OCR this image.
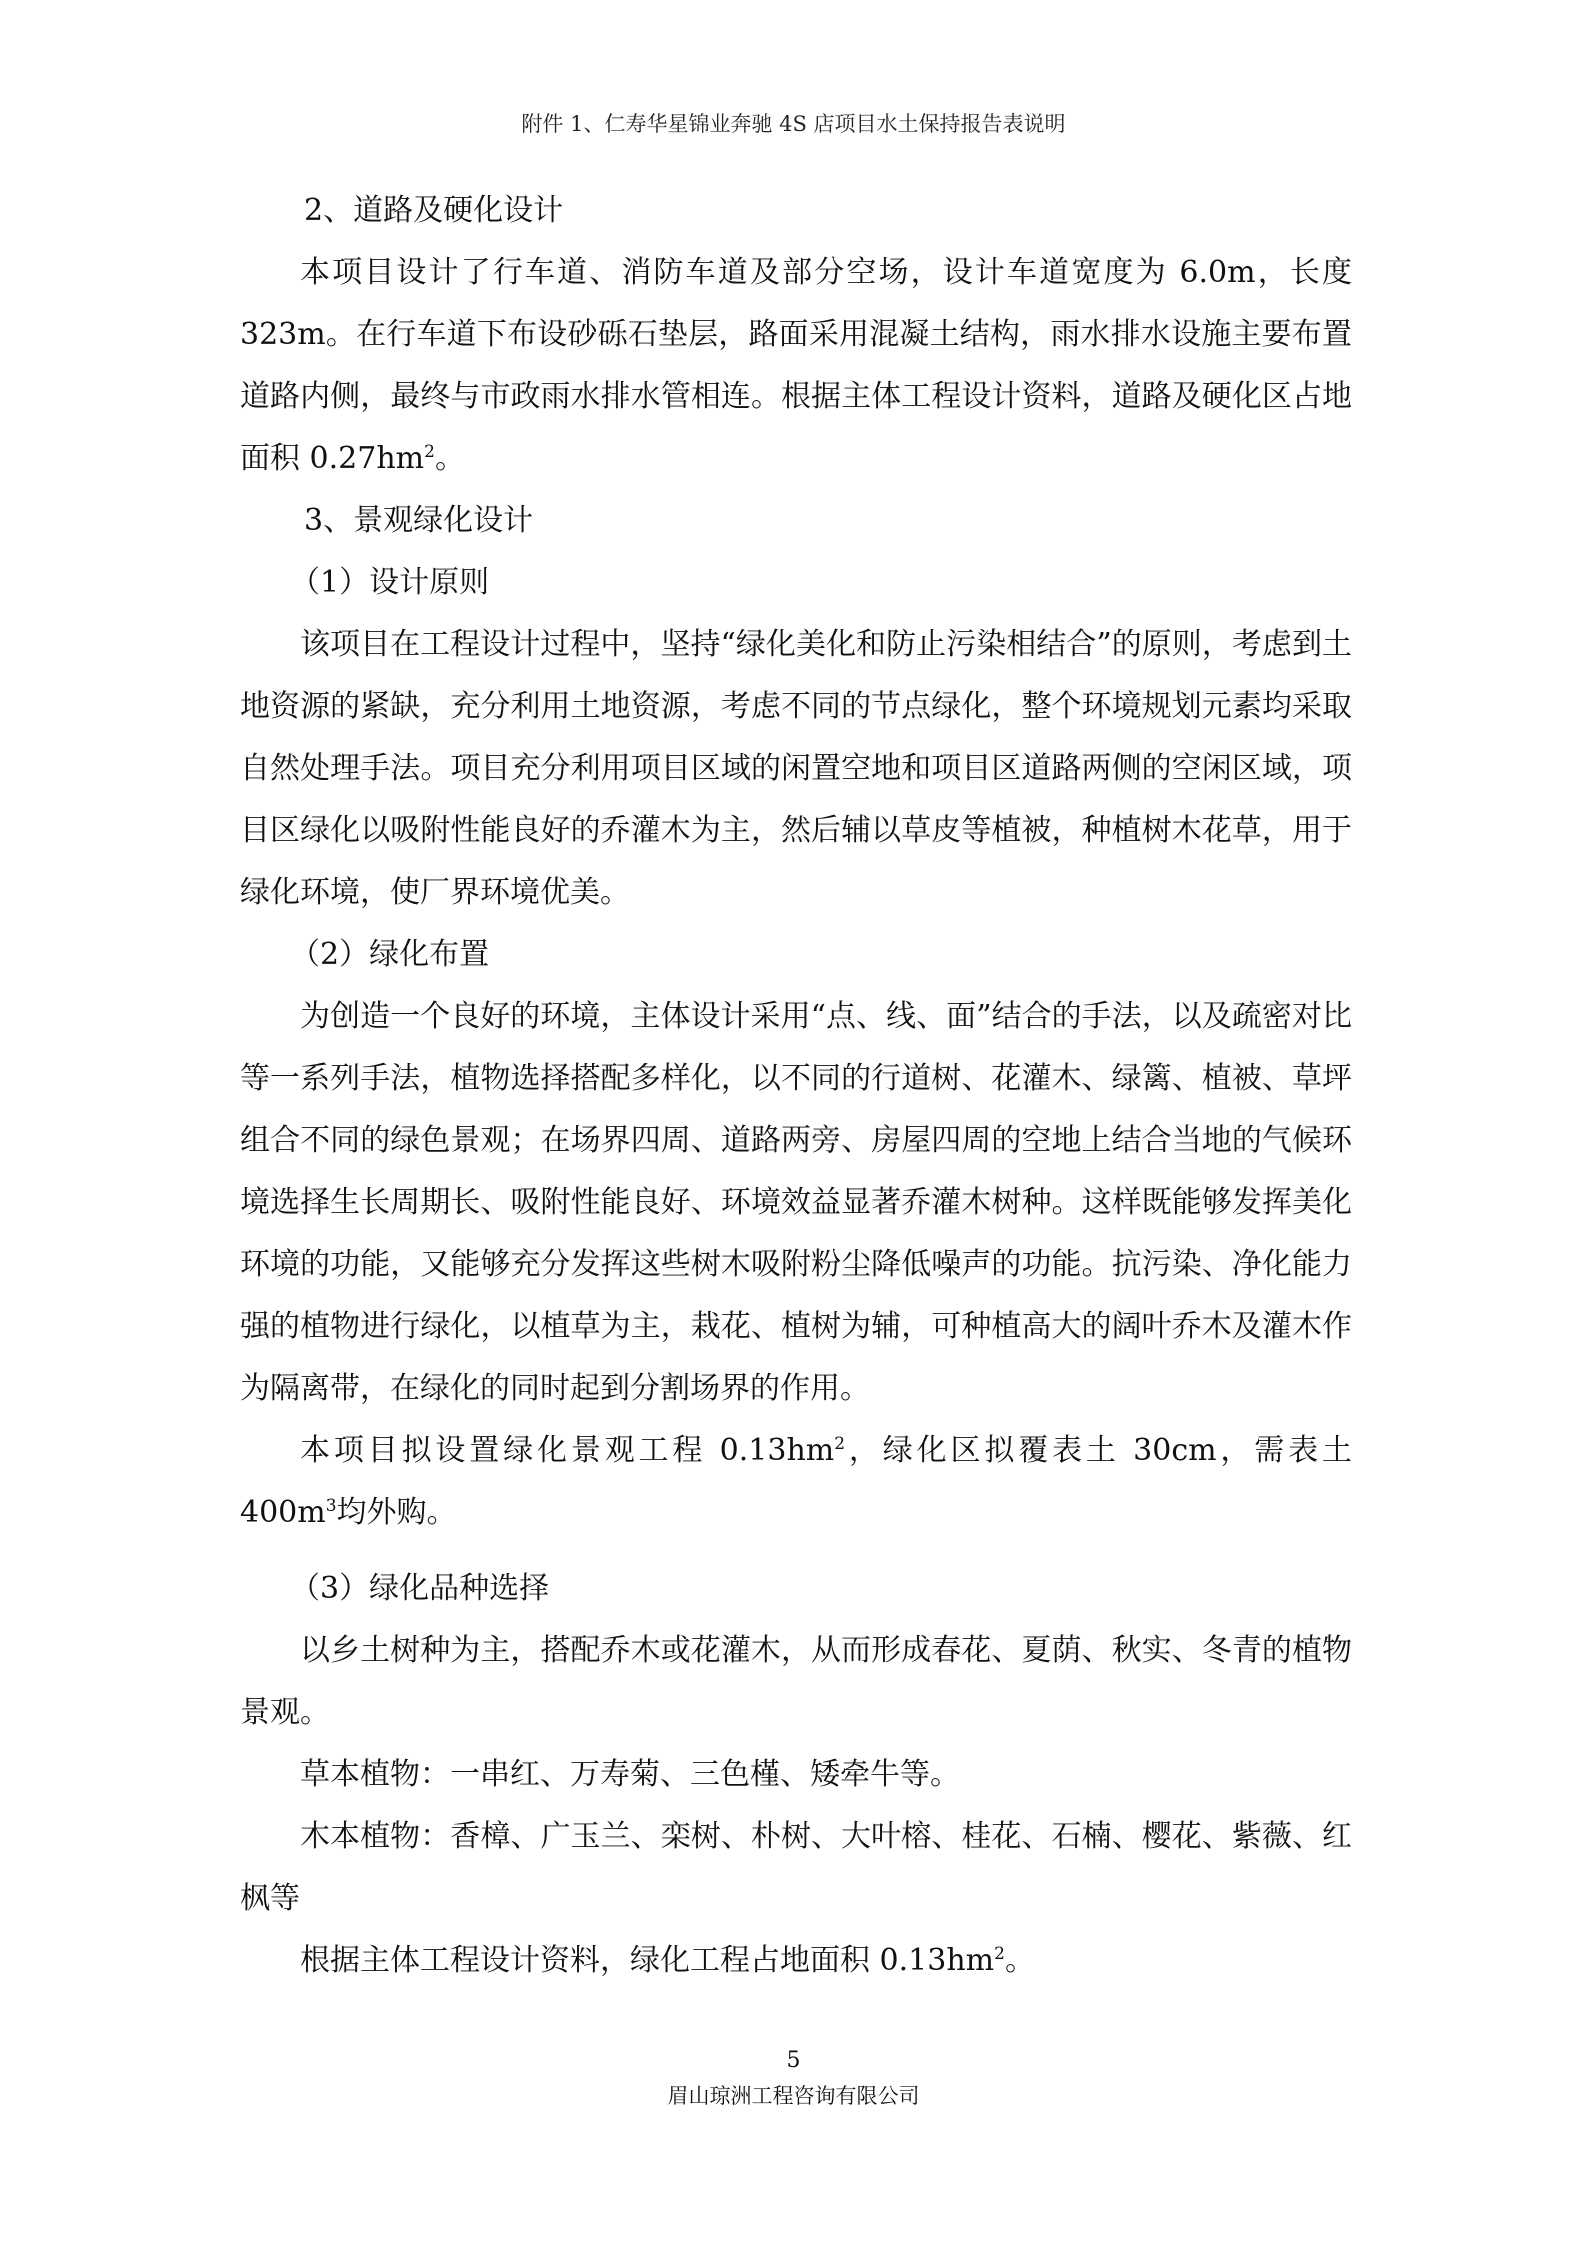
附件 1、仁寿华星锦业奔驰 4S 店项目水土保持报告表说明

2、道路及硬化设计

本项目设计了行车道、消防车道及部分空场，设计车道宽度为 6.0m，长度 323m。在行车道下布设砂砾石垫层，路面采用混凝土结构，雨水排水设施主要布置道路内侧，最终与市政雨水排水管相连。根据主体工程设计资料，道路及硬化区占地面积 $0.27hm^2$。

3、景观绿化设计

（1）设计原则

该项目在工程设计过程中，坚持“绿化美化和防止污染相结合”的原则，考虑到土地资源的紧缺，充分利用土地资源，考虑不同的节点绿化，整个环境规划元素均采取自然处理手法。项目充分利用项目区域的闲置空地和项目区道路两侧的空闲区域，项目区绿化以吸附性能良好的乔灌木为主，然后辅以草皮等植被，种植树木花草，用于绿化环境，使厂界环境优美。

（2）绿化布置

为创造一个良好的环境，主体设计采用“点、线、面”结合的手法，以及疏密对比等一系列手法，植物选择搭配多样化，以不同的行道树、花灌木、绿篱、植被、草坪组合不同的绿色景观；在场界四周、道路两旁、房屋四周的空地上结合当地的气候环境选择生长周期长、吸附性能良好、环境效益显著乔灌木树种。这样既能够发挥美化环境的功能，又能够充分发挥这些树木吸附粉尘降低噪声的功能。抗污染、净化能力强的植物进行绿化，以植草为主，栽花、植树为辅，可种植高大的阔叶乔木及灌木作为隔离带，在绿化的同时起到分割场界的作用。

本项目拟设置绿化景观工程 $0.13hm^2$，绿化区拟覆表土 30cm，需表土 $400m^3$均外购。

（3）绿化品种选择

以乡土树种为主，搭配乔木或花灌木，从而形成春花、夏荫、秋实、冬青的植物景观。

草本植物：一串红、万寿菊、三色槿、矮牵牛等。

木本植物：香樟、广玉兰、栾树、朴树、大叶榕、桂花、石楠、樱花、紫薇、红枫等

根据主体工程设计资料，绿化工程占地面积 $0.13hm^2$。

5
眉山琼洲工程咨询有限公司
